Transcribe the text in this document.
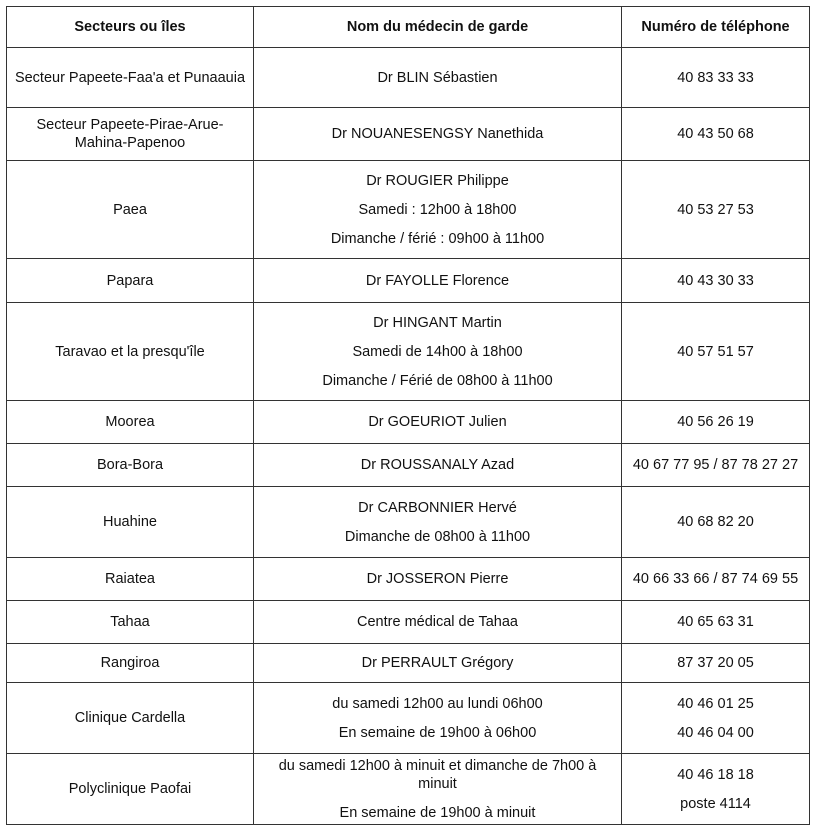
Secteurs ou îles	Nom du médecin de garde	Numéro de téléphone
Secteur Papeete-Faa'a et Punaauia	Dr BLIN Sébastien	40 83 33 33

Secteur Papeete-Pirae-Arue-Mahina-Papenoo	Dr NOUANESENGSY Nanethida	40 43 50 68

Paea	Dr ROUGIER Philippe
Samedi : 12h00 à 18h00
Dimanche / férié : 09h00 à 11h00	40 53 27 53

Papara	Dr FAYOLLE Florence	40 43 30 33

Taravao et la presqu'île	Dr HINGANT Martin
Samedi de 14h00 à 18h00
Dimanche / Férié de 08h00 à 11h00	40 57 51 57

Moorea	Dr GOEURIOT Julien	40 56 26 19

Bora-Bora	Dr ROUSSANALY Azad	40 67 77 95 / 87 78 27 27

Huahine	Dr CARBONNIER Hervé
Dimanche de 08h00 à 11h00	40 68 82 20

Raiatea	Dr JOSSERON Pierre	40 66 33 66 / 87 74 69 55

Tahaa	Centre médical de Tahaa	40 65 63 31

Rangiroa	Dr PERRAULT Grégory	87 37 20 05

Clinique Cardella	du samedi 12h00 au lundi 06h00
En semaine de 19h00 à 06h00	40 46 01 25
40 46 04 00

Polyclinique Paofai	du samedi 12h00 à minuit et dimanche de 7h00 à minuit
En semaine de 19h00 à minuit	40 46 18 18
poste 4114
